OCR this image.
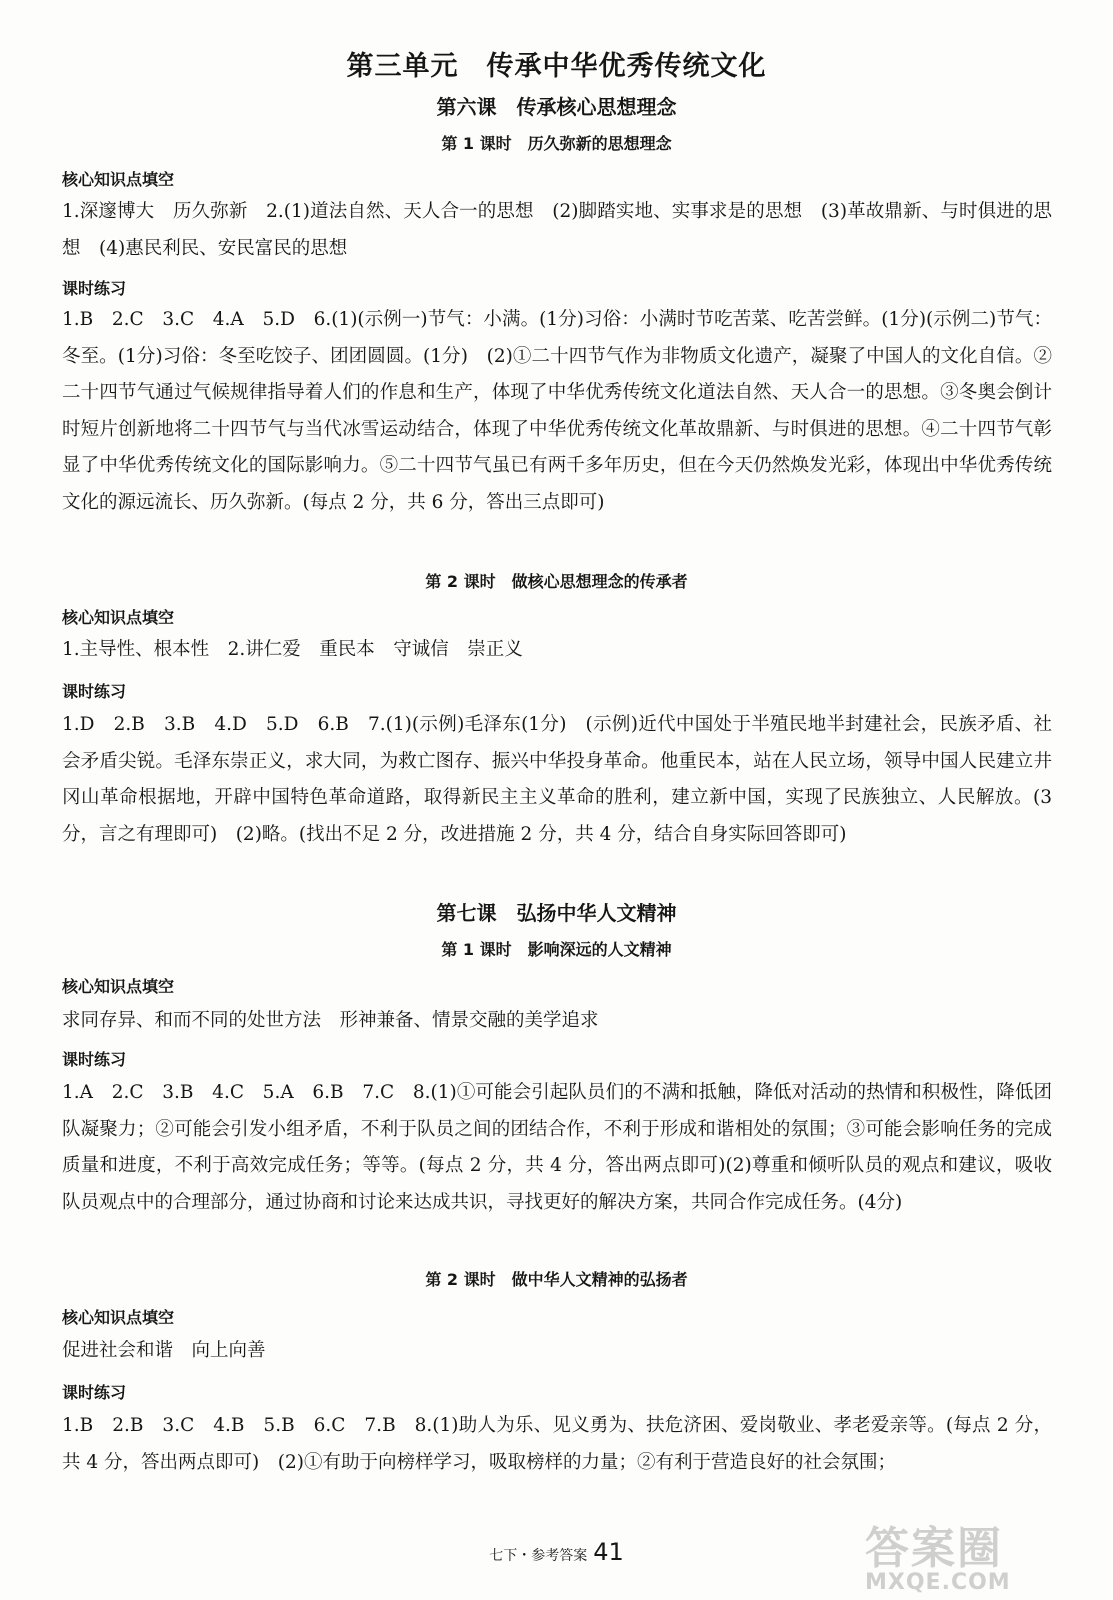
第三单元　传承中华优秀传统文化
第六课　传承核心思想理念
第 1 课时　历久弥新的思想理念
核心知识点填空

1.深邃博大　历久弥新　2.(1)道法自然、天人合一的思想　(2)脚踏实地、实事求是的思想　(3)革故鼎新、与时俱进的思想　(4)惠民利民、安民富民的思想

课时练习

1.B　2.C　3.C　4.A　5.D　6.(1)(示例一)节气：小满。(1分)习俗：小满时节吃苦菜、吃苦尝鲜。(1分)(示例二)节气：冬至。(1分)习俗：冬至吃饺子、团团圆圆。(1分)　(2)①二十四节气作为非物质文化遗产，凝聚了中国人的文化自信。②二十四节气通过气候规律指导着人们的作息和生产，体现了中华优秀传统文化道法自然、天人合一的思想。③冬奥会倒计时短片创新地将二十四节气与当代冰雪运动结合，体现了中华优秀传统文化革故鼎新、与时俱进的思想。④二十四节气彰显了中华优秀传统文化的国际影响力。⑤二十四节气虽已有两千多年历史，但在今天仍然焕发光彩，体现出中华优秀传统文化的源远流长、历久弥新。(每点 2 分，共 6 分，答出三点即可)

第 2 课时　做核心思想理念的传承者
核心知识点填空

1.主导性、根本性　2.讲仁爱　重民本　守诚信　崇正义

课时练习

1.D　2.B　3.B　4.D　5.D　6.B　7.(1)(示例)毛泽东(1分)　(示例)近代中国处于半殖民地半封建社会，民族矛盾、社会矛盾尖锐。毛泽东崇正义，求大同，为救亡图存、振兴中华投身革命。他重民本，站在人民立场，领导中国人民建立井冈山革命根据地，开辟中国特色革命道路，取得新民主主义革命的胜利，建立新中国，实现了民族独立、人民解放。(3分，言之有理即可)　(2)略。(找出不足 2 分，改进措施 2 分，共 4 分，结合自身实际回答即可)

第七课　弘扬中华人文精神
第 1 课时　影响深远的人文精神
核心知识点填空

求同存异、和而不同的处世方法　形神兼备、情景交融的美学追求

课时练习

1.A　2.C　3.B　4.C　5.A　6.B　7.C　8.(1)①可能会引起队员们的不满和抵触，降低对活动的热情和积极性，降低团队凝聚力；②可能会引发小组矛盾，不利于队员之间的团结合作，不利于形成和谐相处的氛围；③可能会影响任务的完成质量和进度，不利于高效完成任务；等等。(每点 2 分，共 4 分，答出两点即可)(2)尊重和倾听队员的观点和建议，吸收队员观点中的合理部分，通过协商和讨论来达成共识，寻找更好的解决方案，共同合作完成任务。(4分)

第 2 课时　做中华人文精神的弘扬者
核心知识点填空

促进社会和谐　向上向善

课时练习

1.B　2.B　3.C　4.B　5.B　6.C　7.B　8.(1)助人为乐、见义勇为、扶危济困、爱岗敬业、孝老爱亲等。(每点 2 分，共 4 分，答出两点即可)　(2)①有助于向榜样学习，吸取榜样的力量；②有利于营造良好的社会氛围；

七下・参考答案 41	答案圈
MXQE.COM
